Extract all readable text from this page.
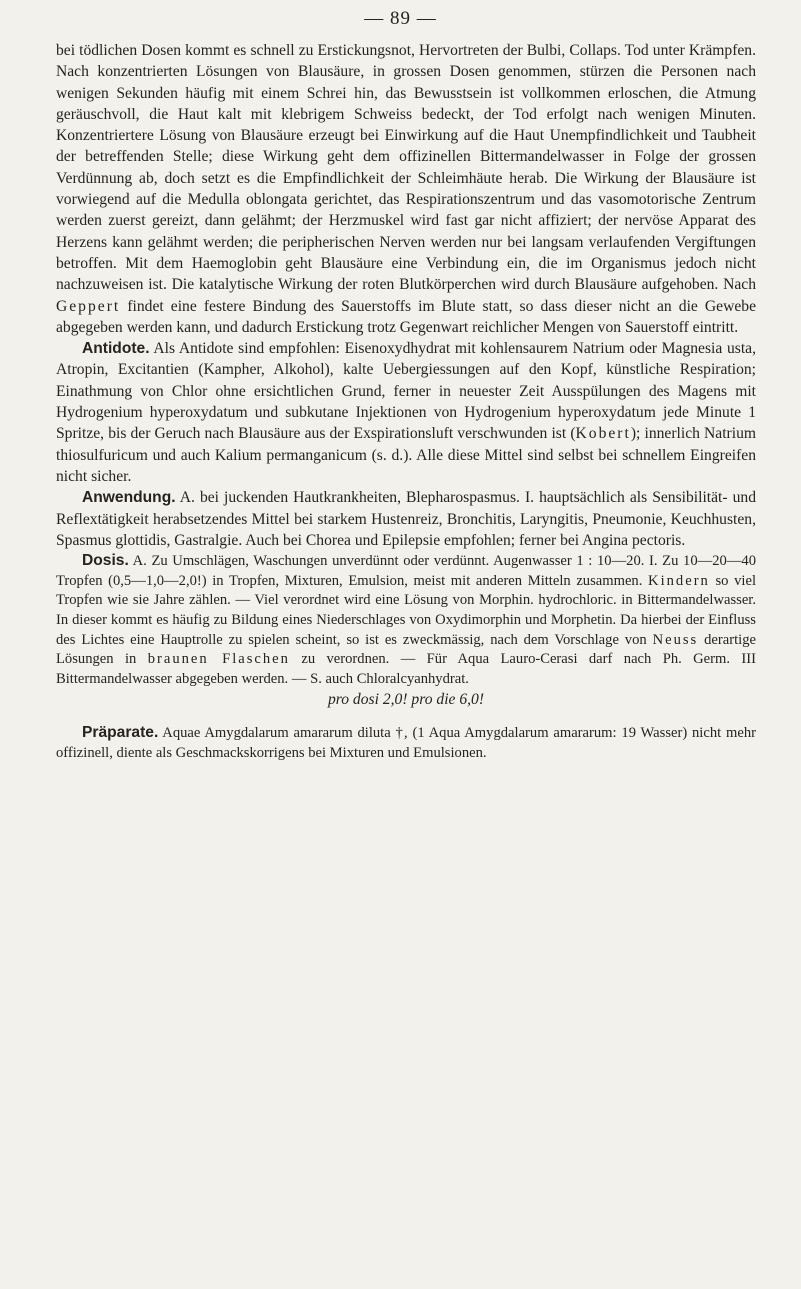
— 89 —

bei tödlichen Dosen kommt es schnell zu Erstickungsnot, Hervortreten der Bulbi, Collaps. Tod unter Krämpfen. Nach konzentrierten Lösungen von Blausäure, in grossen Dosen genommen, stürzen die Personen nach wenigen Sekunden häufig mit einem Schrei hin, das Bewusstsein ist vollkommen erloschen, die Atmung geräuschvoll, die Haut kalt mit klebrigem Schweiss bedeckt, der Tod erfolgt nach wenigen Minuten. Konzentriertere Lösung von Blausäure erzeugt bei Einwirkung auf die Haut Unempfindlichkeit und Taubheit der betreffenden Stelle; diese Wirkung geht dem offizinellen Bittermandelwasser in Folge der grossen Verdünnung ab, doch setzt es die Empfindlichkeit der Schleimhäute herab. Die Wirkung der Blausäure ist vorwiegend auf die Medulla oblongata gerichtet, das Respirationszentrum und das vasomotorische Zentrum werden zuerst gereizt, dann gelähmt; der Herzmuskel wird fast gar nicht affiziert; der nervöse Apparat des Herzens kann gelähmt werden; die peripherischen Nerven werden nur bei langsam verlaufenden Vergiftungen betroffen. Mit dem Haemoglobin geht Blausäure eine Verbindung ein, die im Organismus jedoch nicht nachzuweisen ist. Die katalytische Wirkung der roten Blutkörperchen wird durch Blausäure aufgehoben. Nach Geppert findet eine festere Bindung des Sauerstoffs im Blute statt, so dass dieser nicht an die Gewebe abgegeben werden kann, und dadurch Erstickung trotz Gegenwart reichlicher Mengen von Sauerstoff eintritt.

Antidote. Als Antidote sind empfohlen: Eisenoxydhydrat mit kohlensaurem Natrium oder Magnesia usta, Atropin, Excitantien (Kampher, Alkohol), kalte Uebergiessungen auf den Kopf, künstliche Respiration; Einathmung von Chlor ohne ersichtlichen Grund, ferner in neuester Zeit Ausspülungen des Magens mit Hydrogenium hyperoxydatum und subkutane Injektionen von Hydrogenium hyperoxydatum jede Minute 1 Spritze, bis der Geruch nach Blausäure aus der Exspirationsluft verschwunden ist (Kobert); innerlich Natrium thiosulfuricum und auch Kalium permanganicum (s. d.). Alle diese Mittel sind selbst bei schnellem Eingreifen nicht sicher.

Anwendung. A. bei juckenden Hautkrankheiten, Blepharospasmus. I. hauptsächlich als Sensibilität- und Reflextätigkeit herabsetzendes Mittel bei starkem Hustenreiz, Bronchitis, Laryngitis, Pneumonie, Keuchhusten, Spasmus glottidis, Gastralgie. Auch bei Chorea und Epilepsie empfohlen; ferner bei Angina pectoris.

Dosis. A. Zu Umschlägen, Waschungen unverdünnt oder verdünnt. Augenwasser 1 : 10—20. I. Zu 10—20—40 Tropfen (0,5—1,0—2,0!) in Tropfen, Mixturen, Emulsion, meist mit anderen Mitteln zusammen. Kindern so viel Tropfen wie sie Jahre zählen. — Viel verordnet wird eine Lösung von Morphin. hydrochloric. in Bittermandelwasser. In dieser kommt es häufig zu Bildung eines Niederschlages von Oxydimorphin und Morphetin. Da hierbei der Einfluss des Lichtes eine Hauptrolle zu spielen scheint, so ist es zweckmässig, nach dem Vorschlage von Neuss derartige Lösungen in braunen Flaschen zu verordnen. — Für Aqua Lauro-Cerasi darf nach Ph. Germ. III Bittermandelwasser abgegeben werden. — S. auch Chloralcyanhydrat.

pro dosi 2,0! pro die 6,0!

Präparate. Aquae Amygdalarum amararum diluta †, (1 Aqua Amygdalarum amararum: 19 Wasser) nicht mehr offizinell, diente als Geschmackskorrigens bei Mixturen und Emulsionen.
